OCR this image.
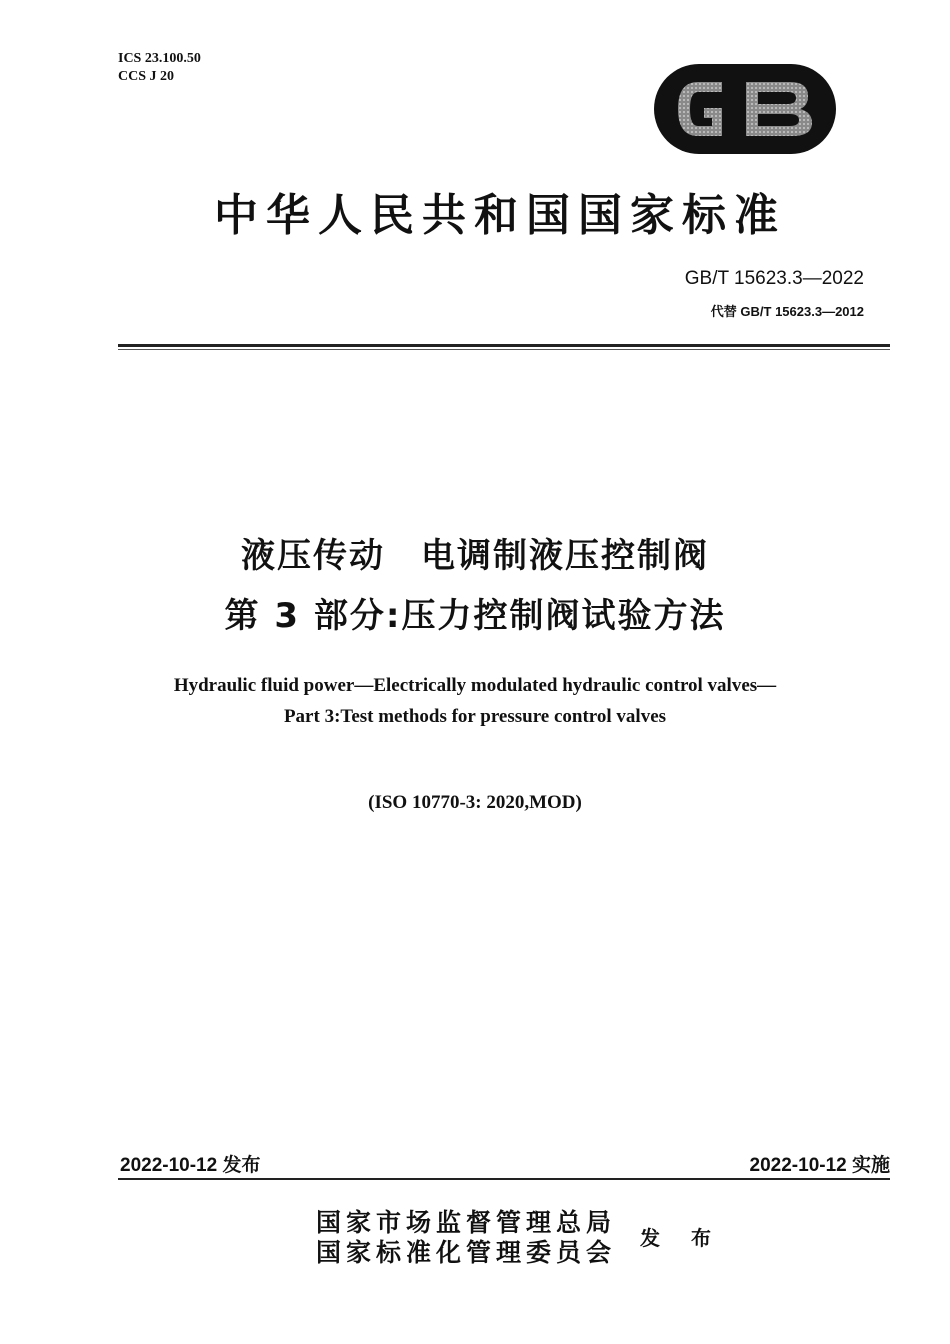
ICS 23.100.50
CCS J 20
中华人民共和国国家标准
GB/T 15623.3—2022
代替 GB/T 15623.3—2012
液压传动　电调制液压控制阀
第 3 部分:压力控制阀试验方法
Hydraulic fluid power—Electrically modulated hydraulic control valves—
Part 3:Test methods for pressure control valves
(ISO 10770-3: 2020,MOD)
2022-10-12 发布	2022-10-12 实施
国家市场监督管理总局
国家标准化管理委员会 发 布
